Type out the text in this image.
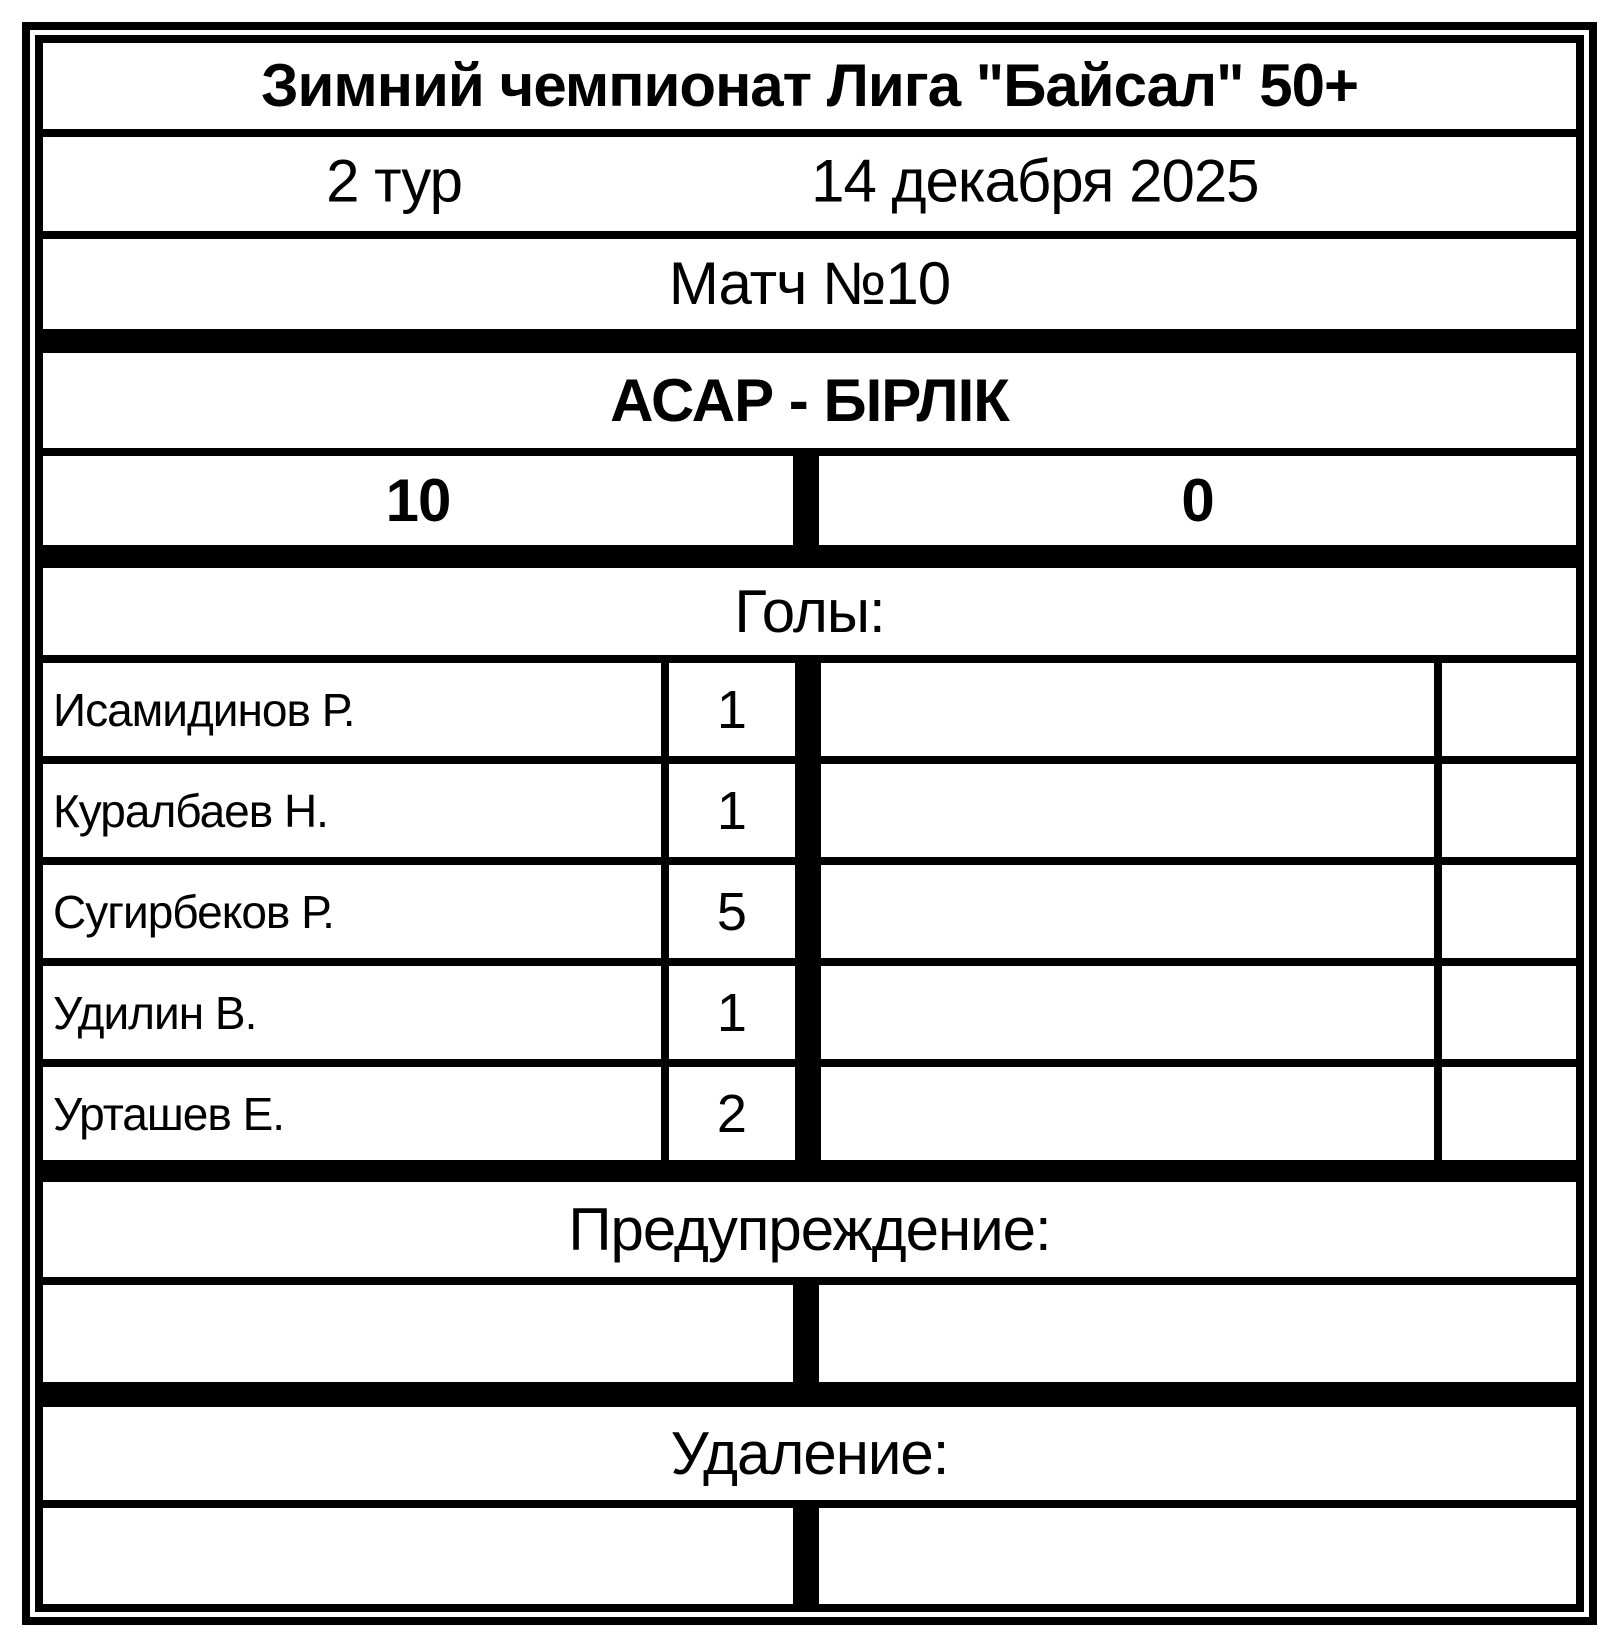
Зимний чемпионат Лига "Байсал" 50+
2 тур	14 декабря 2025
Матч №10
АСАР - БІРЛІК
10	0
Голы:
Исамидинов Р.	1
Куралбаев Н.	1
Сугирбеков Р.	5
Удилин В.	1
Урташев Е.	2
Предупреждение:
Удаление:
